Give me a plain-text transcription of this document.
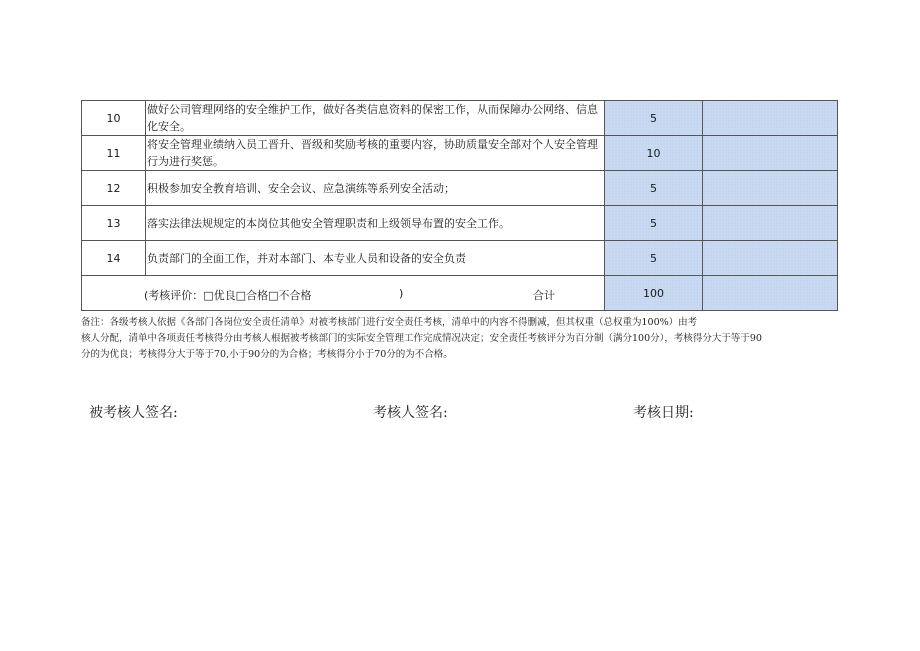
10	做好公司管理网络的安全维护工作，做好各类信息资料的保密工作，从而保障办公网络、信息化安全。	5	
11	将安全管理业绩纳入员工晋升、晋级和奖励考核的重要内容，协助质量安全部对个人安全管理行为进行奖惩。	10	
12	积极参加安全教育培训、安全会议、应急演练等系列安全活动；	5	
13	落实法律法规规定的本岗位其他安全管理职责和上级领导布置的安全工作。	5	
14	负责部门的全面工作，并对本部门、本专业人员和设备的安全负责	5	

(考核评价：□优良□合格□不合格 ) 合计		100	

备注：各级考核人依据《各部门各岗位安全责任清单》对被考核部门进行安全责任考核，清单中的内容不得删减，但其权重（总权重为100%）由考

核人分配，清单中各项责任考核得分由考核人根据被考核部门的实际安全管理工作完成情况决定；安全责任考核评分为百分制（满分100分），考核得分大于等于90

分的为优良；考核得分大于等于70,小于90分的为合格；考核得分小于70分的为不合格。

被考核人签名:	考核人签名:	考核日期:
